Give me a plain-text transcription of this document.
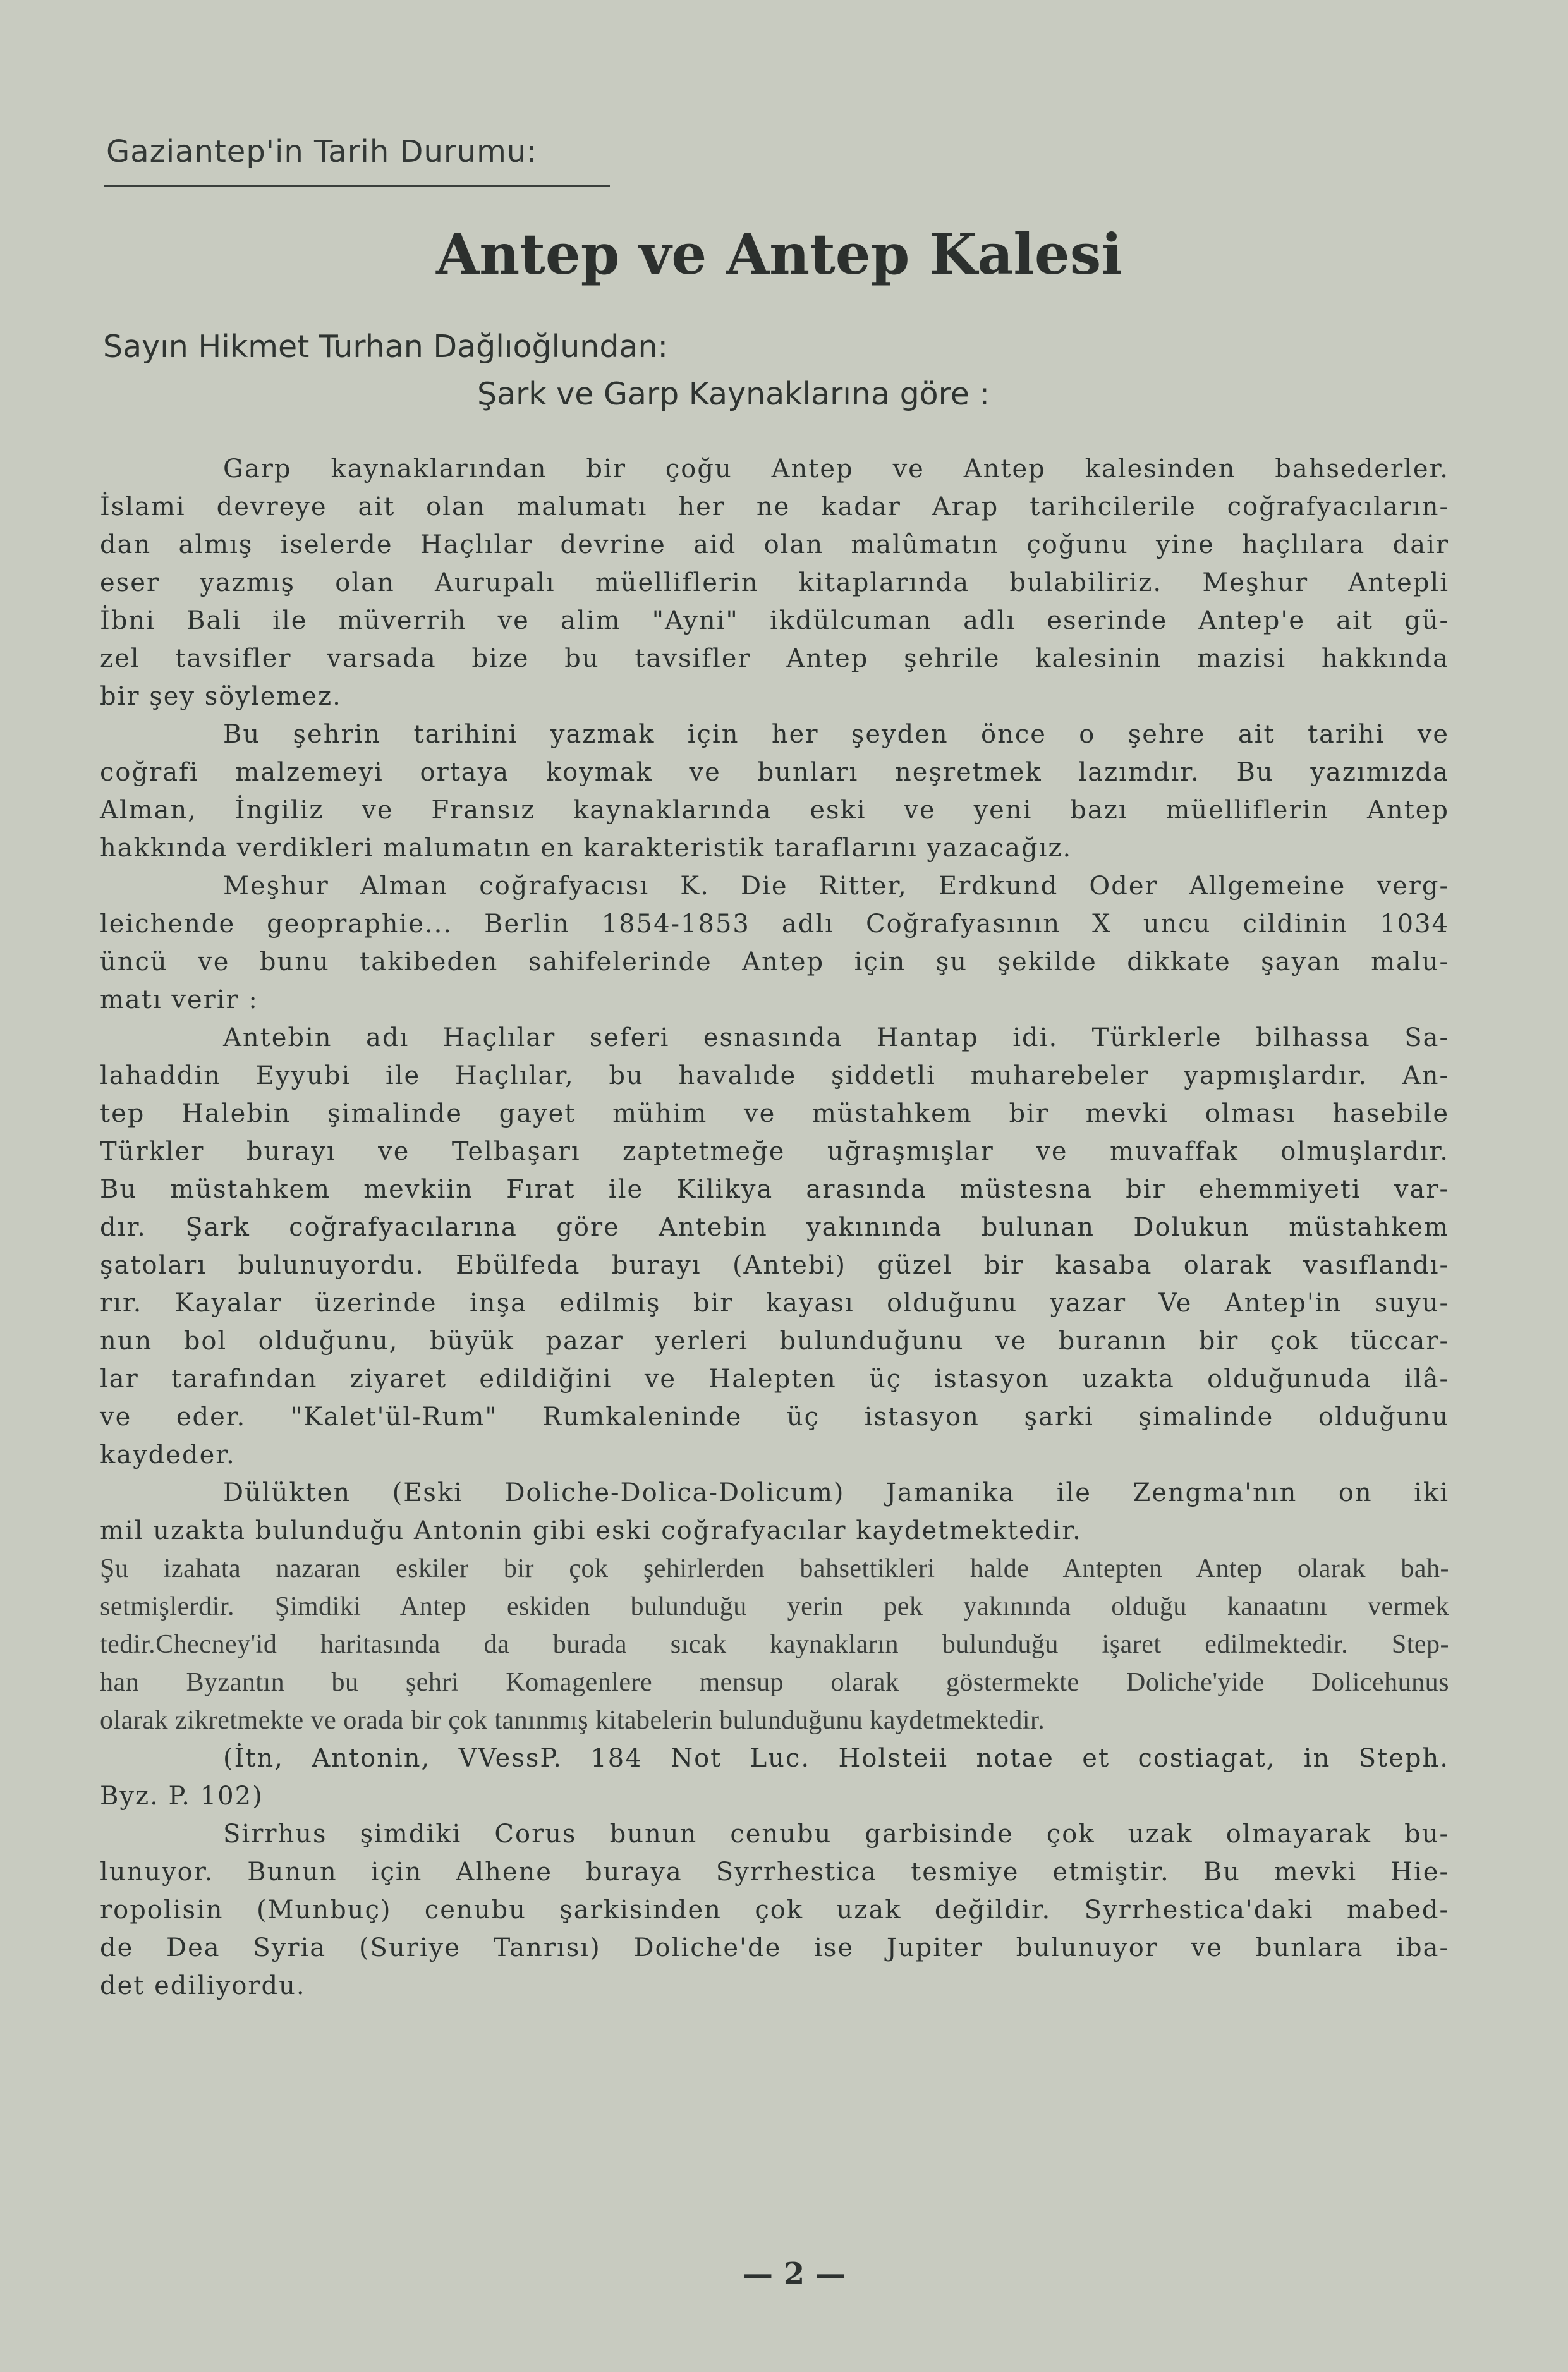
Gaziantep'in Tarih Durumu:
Antep ve Antep Kalesi
Sayın Hikmet Turhan Dağlıoğlundan:
Şark ve Garp Kaynaklarına göre :
Garp kaynaklarından bir çoğu Antep ve Antep kalesinden bahsederler.
İslami devreye ait olan malumatı her ne kadar Arap tarihcilerile coğrafyacıların-
dan almış iselerde Haçlılar devrine aid olan malûmatın çoğunu yine haçlılara dair
eser yazmış olan Aurupalı müelliflerin kitaplarında bulabiliriz. Meşhur Antepli
İbni Bali ile müverrih ve alim "Ayni" ikdülcuman adlı eserinde Antep'e ait gü-
zel tavsifler varsada bize bu tavsifler Antep şehrile kalesinin mazisi hakkında
bir şey söylemez.
Bu şehrin tarihini yazmak için her şeyden önce o şehre ait tarihi ve
coğrafi malzemeyi ortaya koymak ve bunları neşretmek lazımdır. Bu yazımızda
Alman, İngiliz ve Fransız kaynaklarında eski ve yeni bazı müelliflerin Antep
hakkında verdikleri malumatın en karakteristik taraflarını yazacağız.
Meşhur Alman coğrafyacısı K. Die Ritter, Erdkund Oder Allgemeine verg-
leichende geopraphie... Berlin 1854-1853 adlı Coğrafyasının X uncu cildinin 1034
üncü ve bunu takibeden sahifelerinde Antep için şu şekilde dikkate şayan malu-
matı verir :
Antebin adı Haçlılar seferi esnasında Hantap idi. Türklerle bilhassa Sa-
lahaddin Eyyubi ile Haçlılar, bu havalıde şiddetli muharebeler yapmışlardır. An-
tep Halebin şimalinde gayet mühim ve müstahkem bir mevki olması hasebile
Türkler burayı ve Telbaşarı zaptetmeğe uğraşmışlar ve muvaffak olmuşlardır.
Bu müstahkem mevkiin Fırat ile Kilikya arasında müstesna bir ehemmiyeti var-
dır. Şark coğrafyacılarına göre Antebin yakınında bulunan Dolukun müstahkem
şatoları bulunuyordu. Ebülfeda burayı (Antebi) güzel bir kasaba olarak vasıflandı-
rır. Kayalar üzerinde inşa edilmiş bir kayası olduğunu yazar Ve Antep'in suyu-
nun bol olduğunu, büyük pazar yerleri bulunduğunu ve buranın bir çok tüccar-
lar tarafından ziyaret edildiğini ve Halepten üç istasyon uzakta olduğunuda ilâ-
ve eder. "Kalet'ül-Rum" Rumkaleninde üç istasyon şarki şimalinde olduğunu
kaydeder.
Dülükten (Eski Doliche-Dolica-Dolicum) Jamanika ile Zengma'nın on iki
mil uzakta bulunduğu Antonin gibi eski coğrafyacılar kaydetmektedir.
Şu izahata nazaran eskiler bir çok şehirlerden bahsettikleri halde Antepten Antep olarak bah-
setmişlerdir. Şimdiki Antep eskiden bulunduğu yerin pek yakınında olduğu kanaatını vermek
tedir.Checney'id haritasında da burada sıcak kaynakların bulunduğu işaret edilmektedir. Step-
han Byzantın bu şehri Komagenlere mensup olarak göstermekte Doliche'yide Dolicehunus
olarak zikretmekte ve orada bir çok tanınmış kitabelerin bulunduğunu kaydetmektedir.
(İtn, Antonin, VVessP. 184 Not Luc. Holsteii notae et costiagat, in Steph.
Byz. P. 102)
Sirrhus şimdiki Corus bunun cenubu garbisinde çok uzak olmayarak bu-
lunuyor. Bunun için Alhene buraya Syrrhestica tesmiye etmiştir. Bu mevki Hie-
ropolisin (Munbuç) cenubu şarkisinden çok uzak değildir. Syrrhestica'daki mabed-
de Dea Syria (Suriye Tanrısı) Doliche'de ise Jupiter bulunuyor ve bunlara iba-
det ediliyordu.
— 2 —
